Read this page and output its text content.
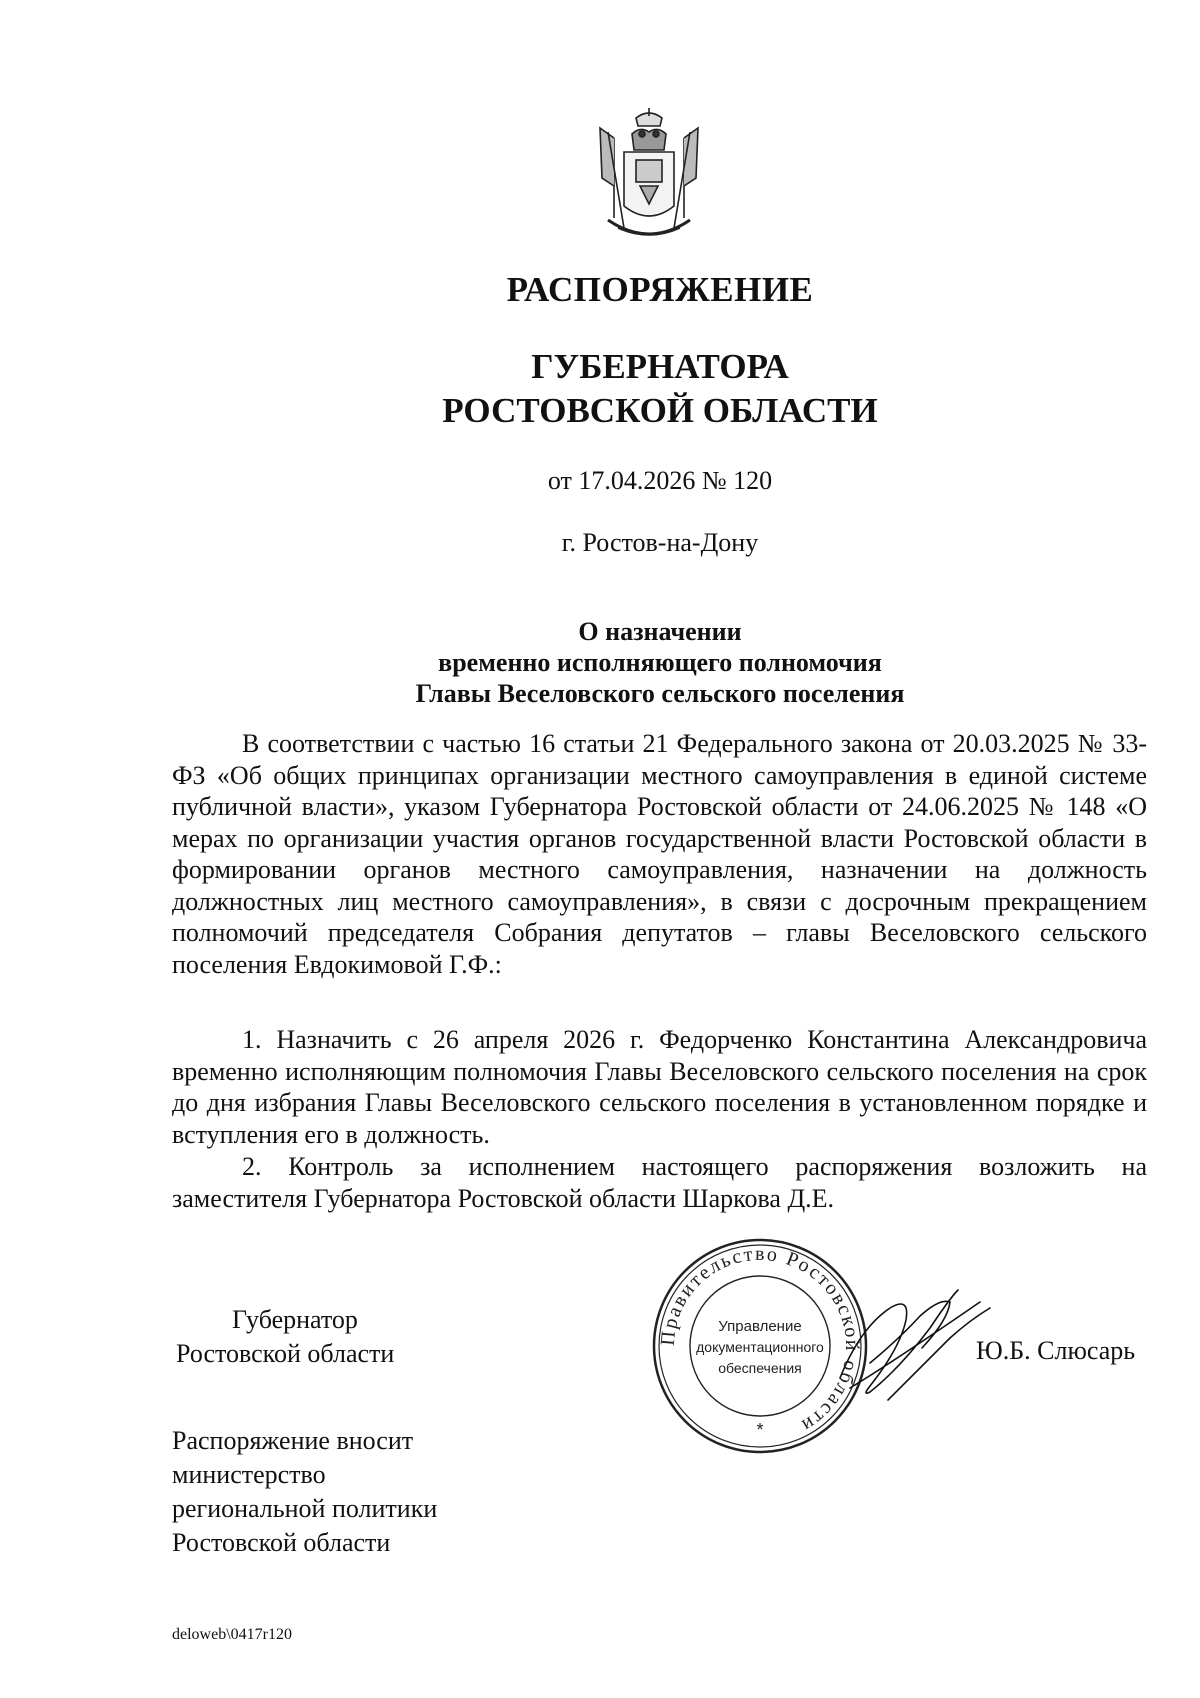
РАСПОРЯЖЕНИЕ
ГУБЕРНАТОРА
РОСТОВСКОЙ ОБЛАСТИ
от 17.04.2026 № 120
г. Ростов-на-Дону
О назначении
временно исполняющего полномочия
Главы Веселовского сельского поселения

В соответствии с частью 16 статьи 21 Федерального закона от 20.03.2025 № 33-ФЗ «Об общих принципах организации местного самоуправления в единой системе публичной власти», указом Губернатора Ростовской области от 24.06.2025 № 148 «О мерах по организации участия органов государственной власти Ростовской области в формировании органов местного самоуправления, назначении на должность должностных лиц местного самоуправления», в связи с досрочным прекращением полномочий председателя Собрания депутатов – главы Веселовского сельского поселения Евдокимовой Г.Ф.:

1. Назначить с 26 апреля 2026 г. Федорченко Константина Александровича временно исполняющим полномочия Главы Веселовского сельского поселения на срок до дня избрания Главы Веселовского сельского поселения в установленном порядке и вступления его в должность.

2. Контроль за исполнением настоящего распоряжения возложить на заместителя Губернатора Ростовской области Шаркова Д.Е.

Губернатор
Ростовской области
Правительство Ростовской области
Управление
документационного
обеспечения
*
Ю.Б. Слюсарь
Распоряжение вносит
министерство
региональной политики
Ростовской области
deloweb\0417r120
